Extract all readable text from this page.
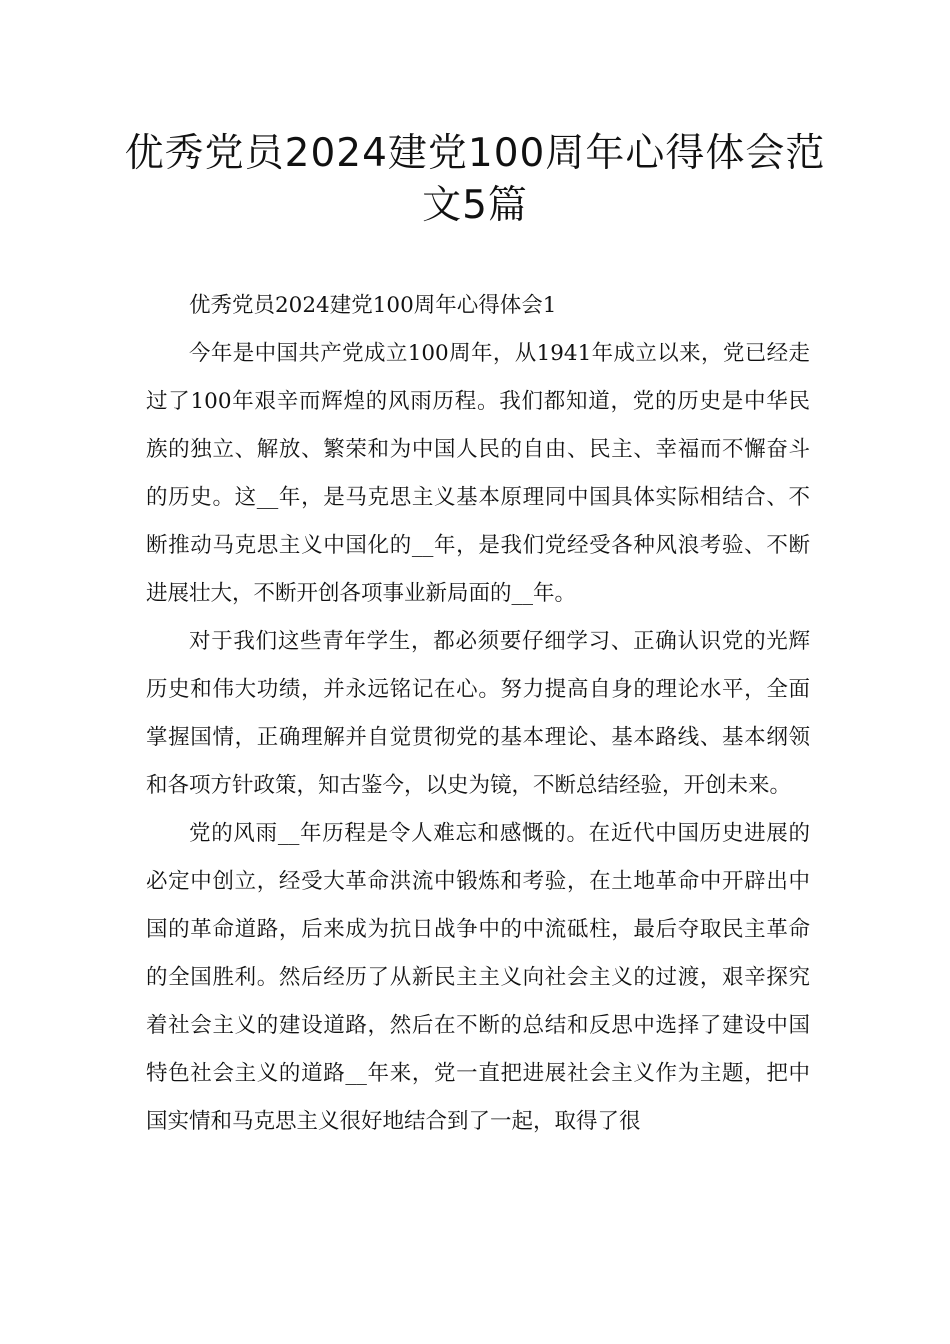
优秀党员2024建党100周年心得体会范文5篇
优秀党员2024建党100周年心得体会1

今年是中国共产党成立100周年，从1941年成立以来，党已经走过了100年艰辛而辉煌的风雨历程。我们都知道，党的历史是中华民族的独立、解放、繁荣和为中国人民的自由、民主、幸福而不懈奋斗的历史。这__年，是马克思主义基本原理同中国具体实际相结合、不断推动马克思主义中国化的__年，是我们党经受各种风浪考验、不断进展壮大，不断开创各项事业新局面的__年。

对于我们这些青年学生，都必须要仔细学习、正确认识党的光辉历史和伟大功绩，并永远铭记在心。努力提高自身的理论水平，全面掌握国情，正确理解并自觉贯彻党的基本理论、基本路线、基本纲领和各项方针政策，知古鉴今，以史为镜，不断总结经验，开创未来。

党的风雨__年历程是令人难忘和感慨的。在近代中国历史进展的必定中创立，经受大革命洪流中锻炼和考验，在土地革命中开辟出中国的革命道路，后来成为抗日战争中的中流砥柱，最后夺取民主革命的全国胜利。然后经历了从新民主主义向社会主义的过渡，艰辛探究着社会主义的建设道路，然后在不断的总结和反思中选择了建设中国特色社会主义的道路__年来，党一直把进展社会主义作为主题，把中国实情和马克思主义很好地结合到了一起，取得了很
